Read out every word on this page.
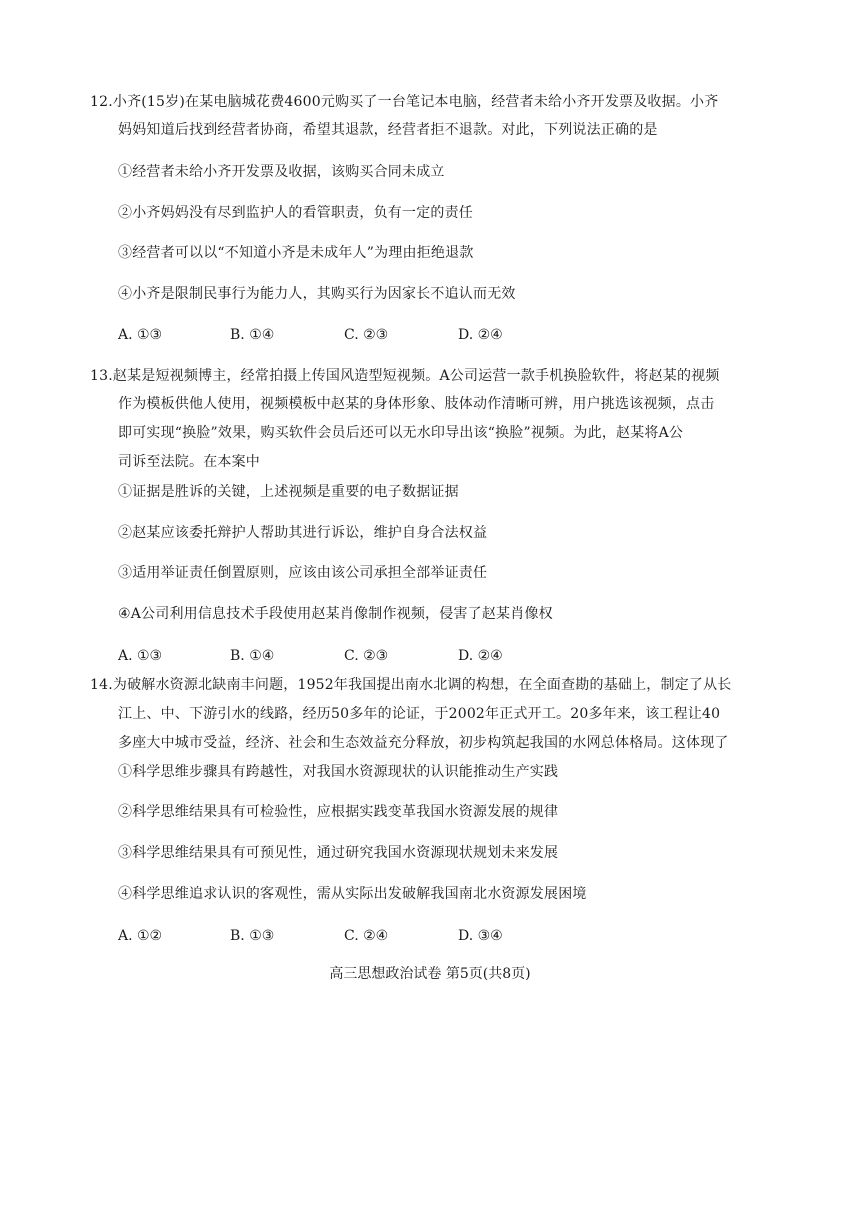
12.小齐(15岁)在某电脑城花费4600元购买了一台笔记本电脑，经营者未给小齐开发票及收据。小齐
妈妈知道后找到经营者协商，希望其退款，经营者拒不退款。对此，下列说法正确的是
①经营者未给小齐开发票及收据，该购买合同未成立
②小齐妈妈没有尽到监护人的看管职责，负有一定的责任
③经营者可以以“不知道小齐是未成年人”为理由拒绝退款
④小齐是限制民事行为能力人，其购买行为因家长不追认而无效
A. ①③	B. ①④	C. ②③	D. ②④
13.赵某是短视频博主，经常拍摄上传国风造型短视频。A公司运营一款手机换脸软件，将赵某的视频
作为模板供他人使用，视频模板中赵某的身体形象、肢体动作清晰可辨，用户挑选该视频，点击
即可实现“换脸”效果，购买软件会员后还可以无水印导出该“换脸”视频。为此，赵某将A公
司诉至法院。在本案中
①证据是胜诉的关键，上述视频是重要的电子数据证据
②赵某应该委托辩护人帮助其进行诉讼，维护自身合法权益
③适用举证责任倒置原则，应该由该公司承担全部举证责任
④A公司利用信息技术手段使用赵某肖像制作视频，侵害了赵某肖像权
A. ①③	B. ①④	C. ②③	D. ②④
14.为破解水资源北缺南丰问题，1952年我国提出南水北调的构想，在全面查勘的基础上，制定了从长
江上、中、下游引水的线路，经历50多年的论证，于2002年正式开工。20多年来，该工程让40
多座大中城市受益，经济、社会和生态效益充分释放，初步构筑起我国的水网总体格局。这体现了
①科学思维步骤具有跨越性，对我国水资源现状的认识能推动生产实践
②科学思维结果具有可检验性，应根据实践变革我国水资源发展的规律
③科学思维结果具有可预见性，通过研究我国水资源现状规划未来发展
④科学思维追求认识的客观性，需从实际出发破解我国南北水资源发展困境
A. ①②	B. ①③	C. ②④	D. ③④
高三思想政治试卷 第5页(共8页)
